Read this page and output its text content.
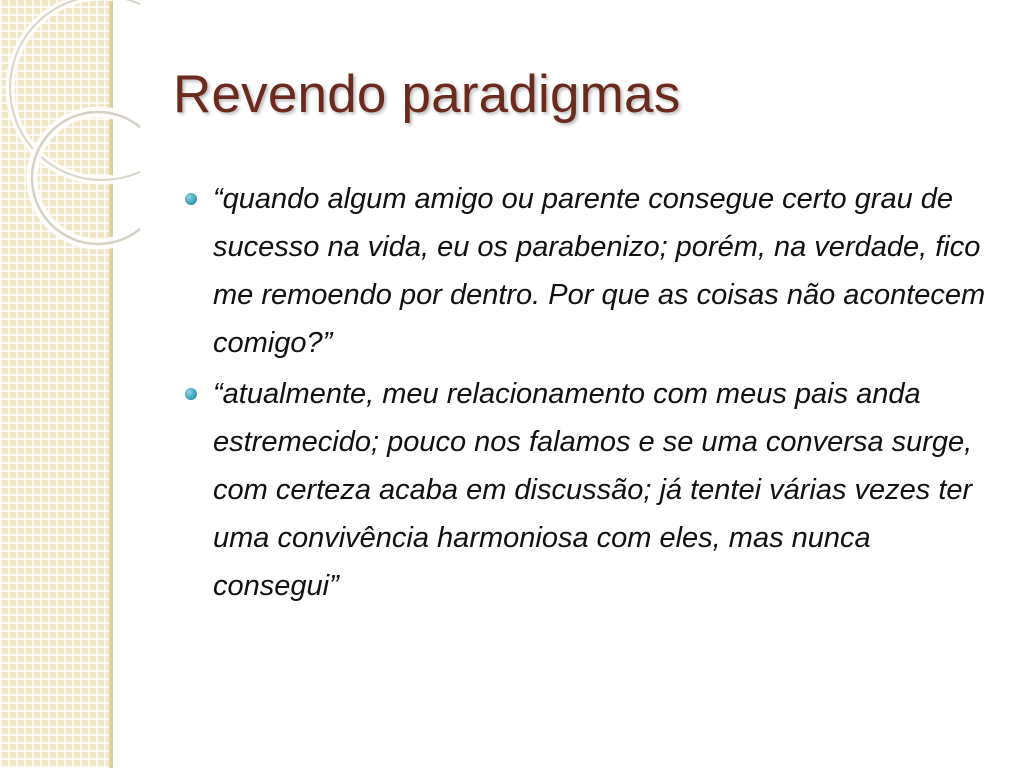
Revendo paradigmas
“quando algum amigo ou parente consegue certo grau de sucesso na vida, eu os parabenizo; porém, na verdade, fico me remoendo por dentro. Por que as coisas não acontecem comigo?”
“atualmente, meu relacionamento com meus pais anda estremecido; pouco nos falamos e se uma conversa surge, com certeza acaba em discussão; já tentei várias vezes ter uma convivência harmoniosa com eles, mas nunca consegui”
